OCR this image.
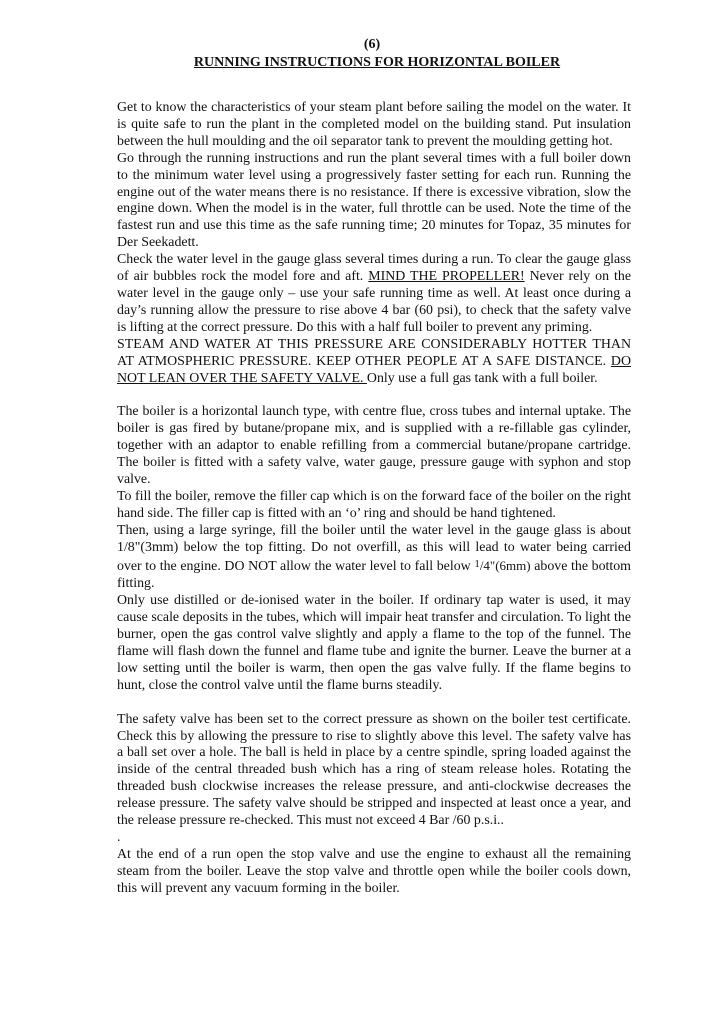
(6)
RUNNING INSTRUCTIONS FOR HORIZONTAL BOILER

Get to know the characteristics of your steam plant before sailing the model on the water. It is quite safe to run the plant in the completed model on the building stand. Put insulation between the hull moulding and the oil separator tank to prevent the moulding getting hot.

Go through the running instructions and run the plant several times with a full boiler down to the minimum water level using a progressively faster setting for each run. Running the engine out of the water means there is no resistance. If there is excessive vibration, slow the engine down. When the model is in the water, full throttle can be used. Note the time of the fastest run and use this time as the safe running time; 20 minutes for Topaz, 35 minutes for Der Seekadett.

Check the water level in the gauge glass several times during a run. To clear the gauge glass of air bubbles rock the model fore and aft. MIND THE PROPELLER! Never rely on the water level in the gauge only – use your safe running time as well. At least once during a day’s running allow the pressure to rise above 4 bar (60 psi), to check that the safety valve is lifting at the correct pressure. Do this with a half full boiler to prevent any priming.

STEAM AND WATER AT THIS PRESSURE ARE CONSIDERABLY HOTTER THAN AT ATMOSPHERIC PRESSURE. KEEP OTHER PEOPLE AT A SAFE DISTANCE. DO NOT LEAN OVER THE SAFETY VALVE. Only use a full gas tank with a full boiler.

The boiler is a horizontal launch type, with centre flue, cross tubes and internal uptake. The boiler is gas fired by butane/propane mix, and is supplied with a re-fillable gas cylinder, together with an adaptor to enable refilling from a commercial butane/propane cartridge. The boiler is fitted with a safety valve, water gauge, pressure gauge with syphon and stop valve.

To fill the boiler, remove the filler cap which is on the forward face of the boiler on the right hand side. The filler cap is fitted with an ‘o’ ring and should be hand tightened.

Then, using a large syringe, fill the boiler until the water level in the gauge glass is about 1/8"(3mm) below the top fitting. Do not overfill, as this will lead to water being carried over to the engine. DO NOT allow the water level to fall below $^1$/4"(6mm) above the bottom fitting.

Only use distilled or de-ionised water in the boiler. If ordinary tap water is used, it may cause scale deposits in the tubes, which will impair heat transfer and circulation. To light the burner, open the gas control valve slightly and apply a flame to the top of the funnel. The flame will flash down the funnel and flame tube and ignite the burner. Leave the burner at a low setting until the boiler is warm, then open the gas valve fully. If the flame begins to hunt, close the control valve until the flame burns steadily.

The safety valve has been set to the correct pressure as shown on the boiler test certificate. Check this by allowing the pressure to rise to slightly above this level. The safety valve has a ball set over a hole. The ball is held in place by a centre spindle, spring loaded against the inside of the central threaded bush which has a ring of steam release holes. Rotating the threaded bush clockwise increases the release pressure, and anti-clockwise decreases the release pressure. The safety valve should be stripped and inspected at least once a year, and the release pressure re-checked. This must not exceed 4 Bar /60 p.s.i..

.

At the end of a run open the stop valve and use the engine to exhaust all the remaining steam from the boiler. Leave the stop valve and throttle open while the boiler cools down, this will prevent any vacuum forming in the boiler.
